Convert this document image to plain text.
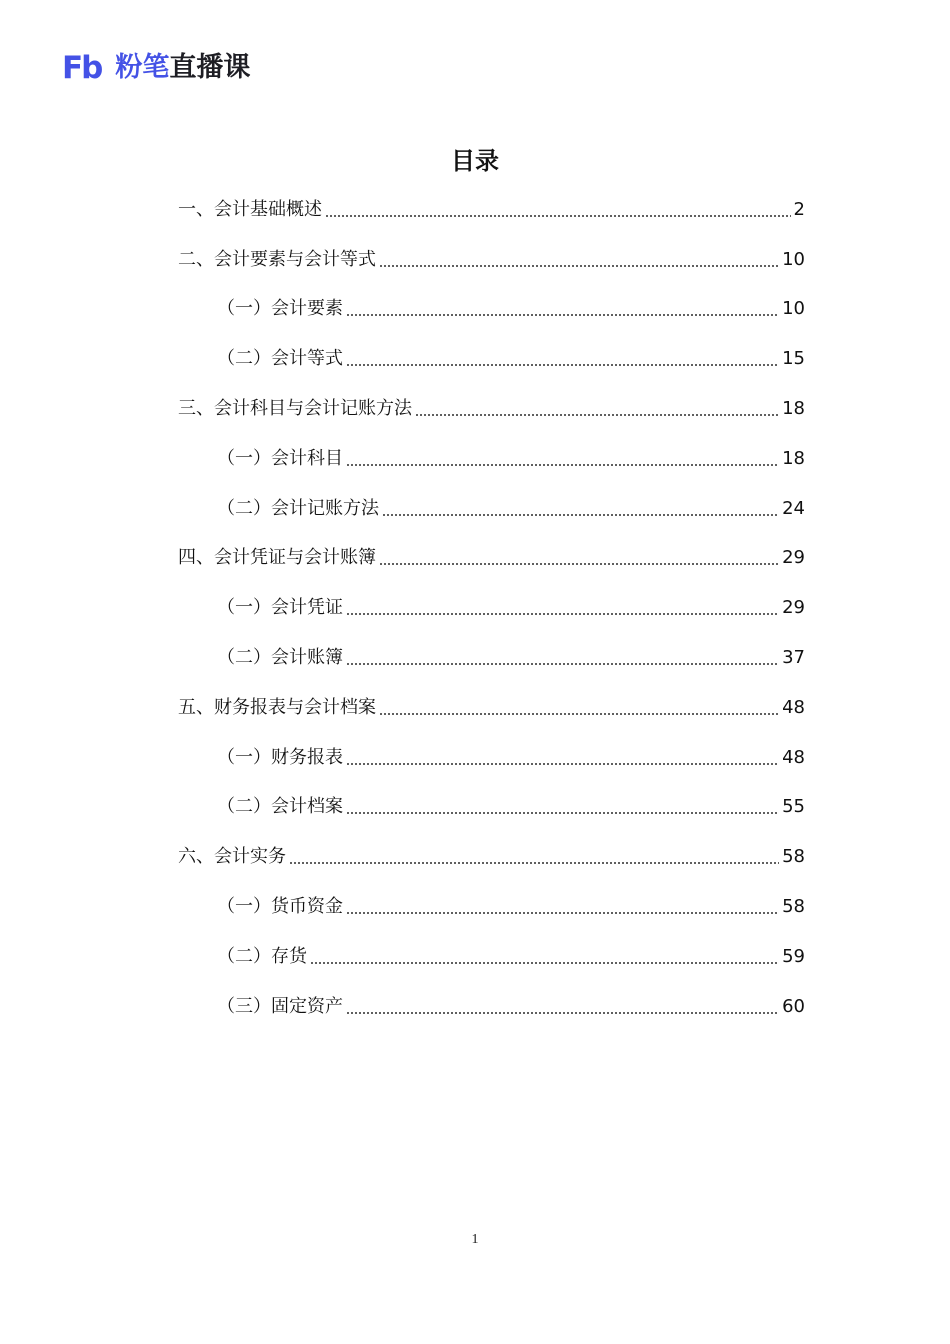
Fb 粉笔 直播课
目录
一、会计基础概述	2
二、会计要素与会计等式	10
（一）会计要素	10
（二）会计等式	15
三、会计科目与会计记账方法	18
（一）会计科目	18
（二）会计记账方法	24
四、会计凭证与会计账簿	29
（一）会计凭证	29
（二）会计账簿	37
五、财务报表与会计档案	48
（一）财务报表	48
（二）会计档案	55
六、会计实务	58
（一）货币资金	58
（二）存货	59
（三）固定资产	60
1
